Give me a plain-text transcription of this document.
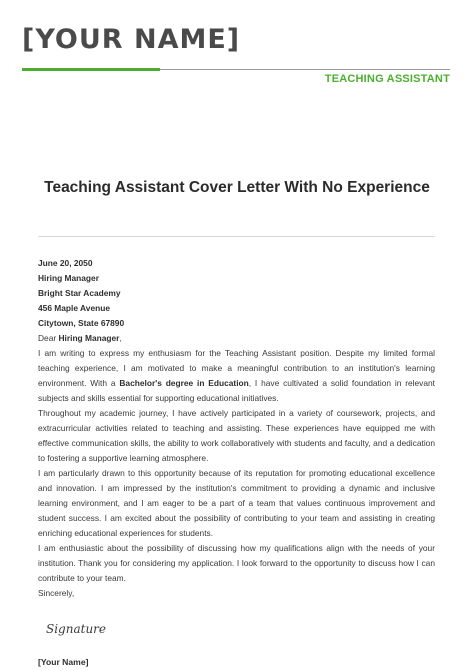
[YOUR NAME]

TEACHING ASSISTANT

Teaching Assistant Cover Letter With No Experience

June 20, 2050

Hiring Manager

Bright Star Academy

456 Maple Avenue

Citytown, State 67890

Dear Hiring Manager,

I am writing to express my enthusiasm for the Teaching Assistant position. Despite my limited formal teaching experience, I am motivated to make a meaningful contribution to an institution's learning environment. With a Bachelor's degree in Education, I have cultivated a solid foundation in relevant subjects and skills essential for supporting educational initiatives.

Throughout my academic journey, I have actively participated in a variety of coursework, projects, and extracurricular activities related to teaching and assisting. These experiences have equipped me with effective communication skills, the ability to work collaboratively with students and faculty, and a dedication to fostering a supportive learning atmosphere.

I am particularly drawn to this opportunity because of its reputation for promoting educational excellence and innovation. I am impressed by the institution's commitment to providing a dynamic and inclusive learning environment, and I am eager to be a part of a team that values continuous improvement and student success. I am excited about the possibility of contributing to your team and assisting in creating enriching educational experiences for students.

I am enthusiastic about the possibility of discussing how my qualifications align with the needs of your institution. Thank you for considering my application. I look forward to the opportunity to discuss how I can contribute to your team.

Sincerely,

Signature

[Your Name]
